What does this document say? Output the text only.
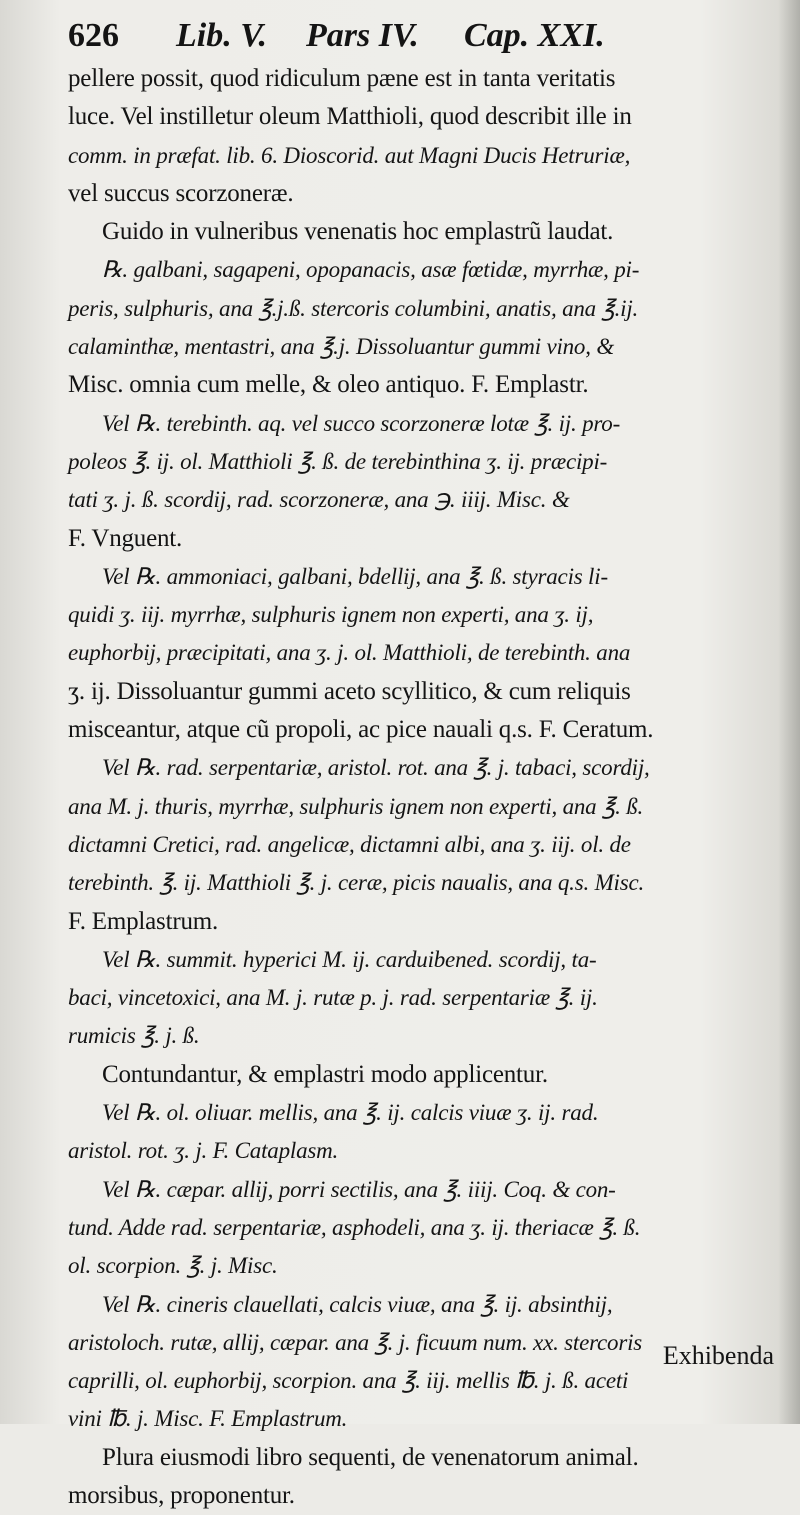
626	Lib. V.	Pars IV.	Cap. XXI.
pellere possit, quod ridiculum pæne est in tanta veritatis
luce. Vel instilletur oleum Matthioli, quod describit ille in
comm. in præfat. lib. 6. Dioscorid. aut Magni Ducis Hetruriæ,
vel succus scorzoneræ.
Guido in vulneribus venenatis hoc emplastrũ laudat.
℞. galbani, sagapeni, opopanacis, asæ fœtidæ, myrrhæ, pi-
peris, sulphuris, ana ℥.j.ß. stercoris columbini, anatis, ana ℥.ij.
calaminthæ, mentastri, ana ℥.j. Dissoluantur gummi vino, &
Misc. omnia cum melle, & oleo antiquo. F. Emplastr.
Vel ℞. terebinth. aq. vel succo scorzoneræ lotæ ℥. ij. pro-
poleos ℥. ij. ol. Matthioli ℥. ß. de terebinthina ʒ. ij. præcipi-
tati ʒ. j. ß. scordij, rad. scorzoneræ, ana ℈. iiij. Misc. &
F. Vnguent.
Vel ℞. ammoniaci, galbani, bdellij, ana ℥. ß. styracis li-
quidi ʒ. iij. myrrhæ, sulphuris ignem non experti, ana ʒ. ij,
euphorbij, præcipitati, ana ʒ. j. ol. Matthioli, de terebinth. ana
ʒ. ij. Dissoluantur gummi aceto scyllitico, & cum reliquis
misceantur, atque cũ propoli, ac pice nauali q.s. F. Ceratum.
Vel ℞. rad. serpentariæ, aristol. rot. ana ℥. j. tabaci, scordij,
ana M. j. thuris, myrrhæ, sulphuris ignem non experti, ana ℥. ß.
dictamni Cretici, rad. angelicæ, dictamni albi, ana ʒ. iij. ol. de
terebinth. ℥. ij. Matthioli ℥. j. ceræ, picis naualis, ana q.s. Misc.
F. Emplastrum.
Vel ℞. summit. hyperici M. ij. carduibened. scordij, ta-
baci, vincetoxici, ana M. j. rutæ p. j. rad. serpentariæ ℥. ij.
rumicis ℥. j. ß.
Contundantur, & emplastri modo applicentur.
Vel ℞. ol. oliuar. mellis, ana ℥. ij. calcis viuæ ʒ. ij. rad.
aristol. rot. ʒ. j. F. Cataplasm.
Vel ℞. cæpar. allij, porri sectilis, ana ℥. iiij. Coq. & con-
tund. Adde rad. serpentariæ, asphodeli, ana ʒ. ij. theriacæ ℥. ß.
ol. scorpion. ℥. j. Misc.
Vel ℞. cineris clauellati, calcis viuæ, ana ℥. ij. absinthij,
aristoloch. rutæ, allij, cæpar. ana ℥. j. ficuum num. xx. stercoris
caprilli, ol. euphorbij, scorpion. ana ℥. iij. mellis ℔. j. ß. aceti
vini ℔. j. Misc. F. Emplastrum.
Plura eiusmodi libro sequenti, de venenatorum animal.
morsibus, proponentur.
Exhibenda
